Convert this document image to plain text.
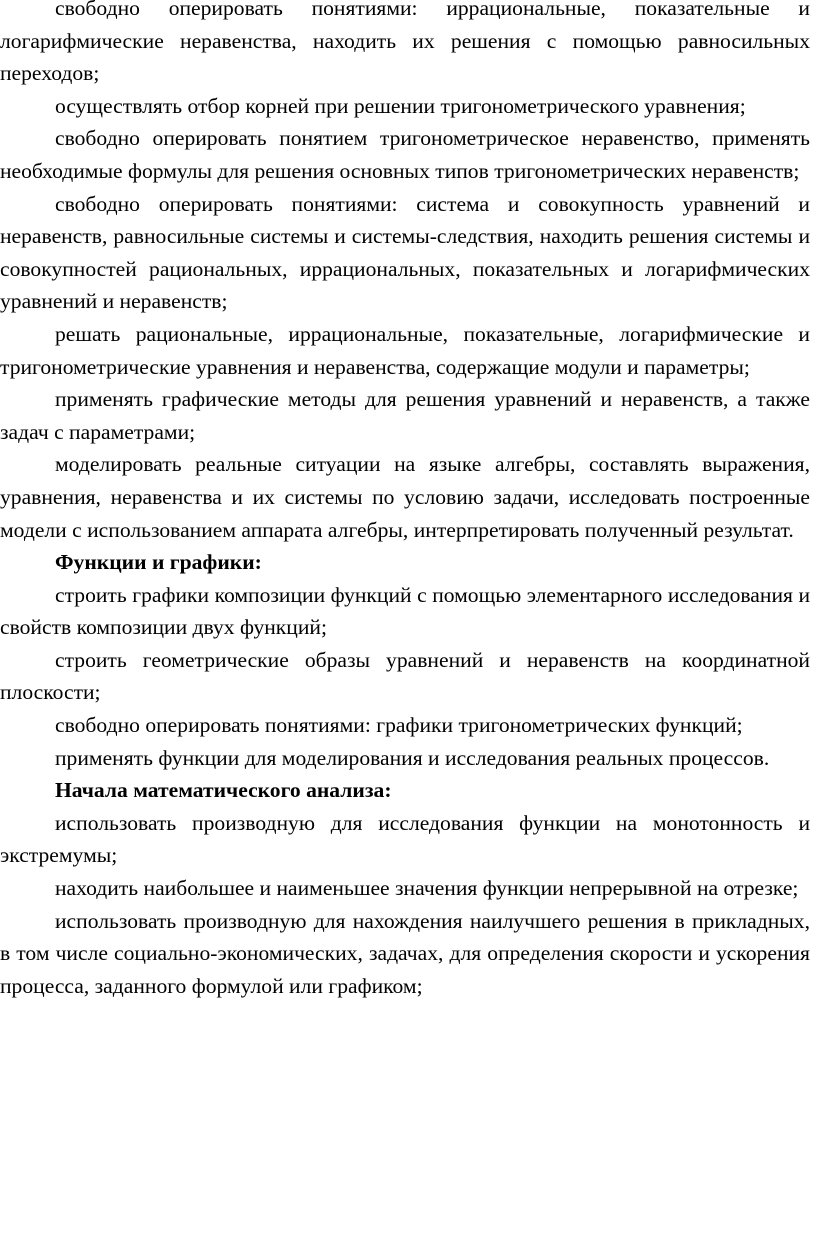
свободно оперировать понятиями: иррациональные, показательные и логарифмические неравенства, находить их решения с помощью равносильных переходов;

осуществлять отбор корней при решении тригонометрического уравнения;

свободно оперировать понятием тригонометрическое неравенство, применять необходимые формулы для решения основных типов тригонометрических неравенств;

свободно оперировать понятиями: система и совокупность уравнений и неравенств, равносильные системы и системы-следствия, находить решения системы и совокупностей рациональных, иррациональных, показательных и логарифмических уравнений и неравенств;

решать рациональные, иррациональные, показательные, логарифмические и тригонометрические уравнения и неравенства, содержащие модули и параметры;

применять графические методы для решения уравнений и неравенств, а также задач с параметрами;

моделировать реальные ситуации на языке алгебры, составлять выражения, уравнения, неравенства и их системы по условию задачи, исследовать построенные модели с использованием аппарата алгебры, интерпретировать полученный результат.

Функции и графики:

строить графики композиции функций с помощью элементарного исследования и свойств композиции двух функций;

строить геометрические образы уравнений и неравенств на координатной плоскости;

свободно оперировать понятиями: графики тригонометрических функций;

применять функции для моделирования и исследования реальных процессов.

Начала математического анализа:

использовать производную для исследования функции на монотонность и экстремумы;

находить наибольшее и наименьшее значения функции непрерывной на отрезке;

использовать производную для нахождения наилучшего решения в прикладных, в том числе социально-экономических, задачах, для определения скорости и ускорения процесса, заданного формулой или графиком;
